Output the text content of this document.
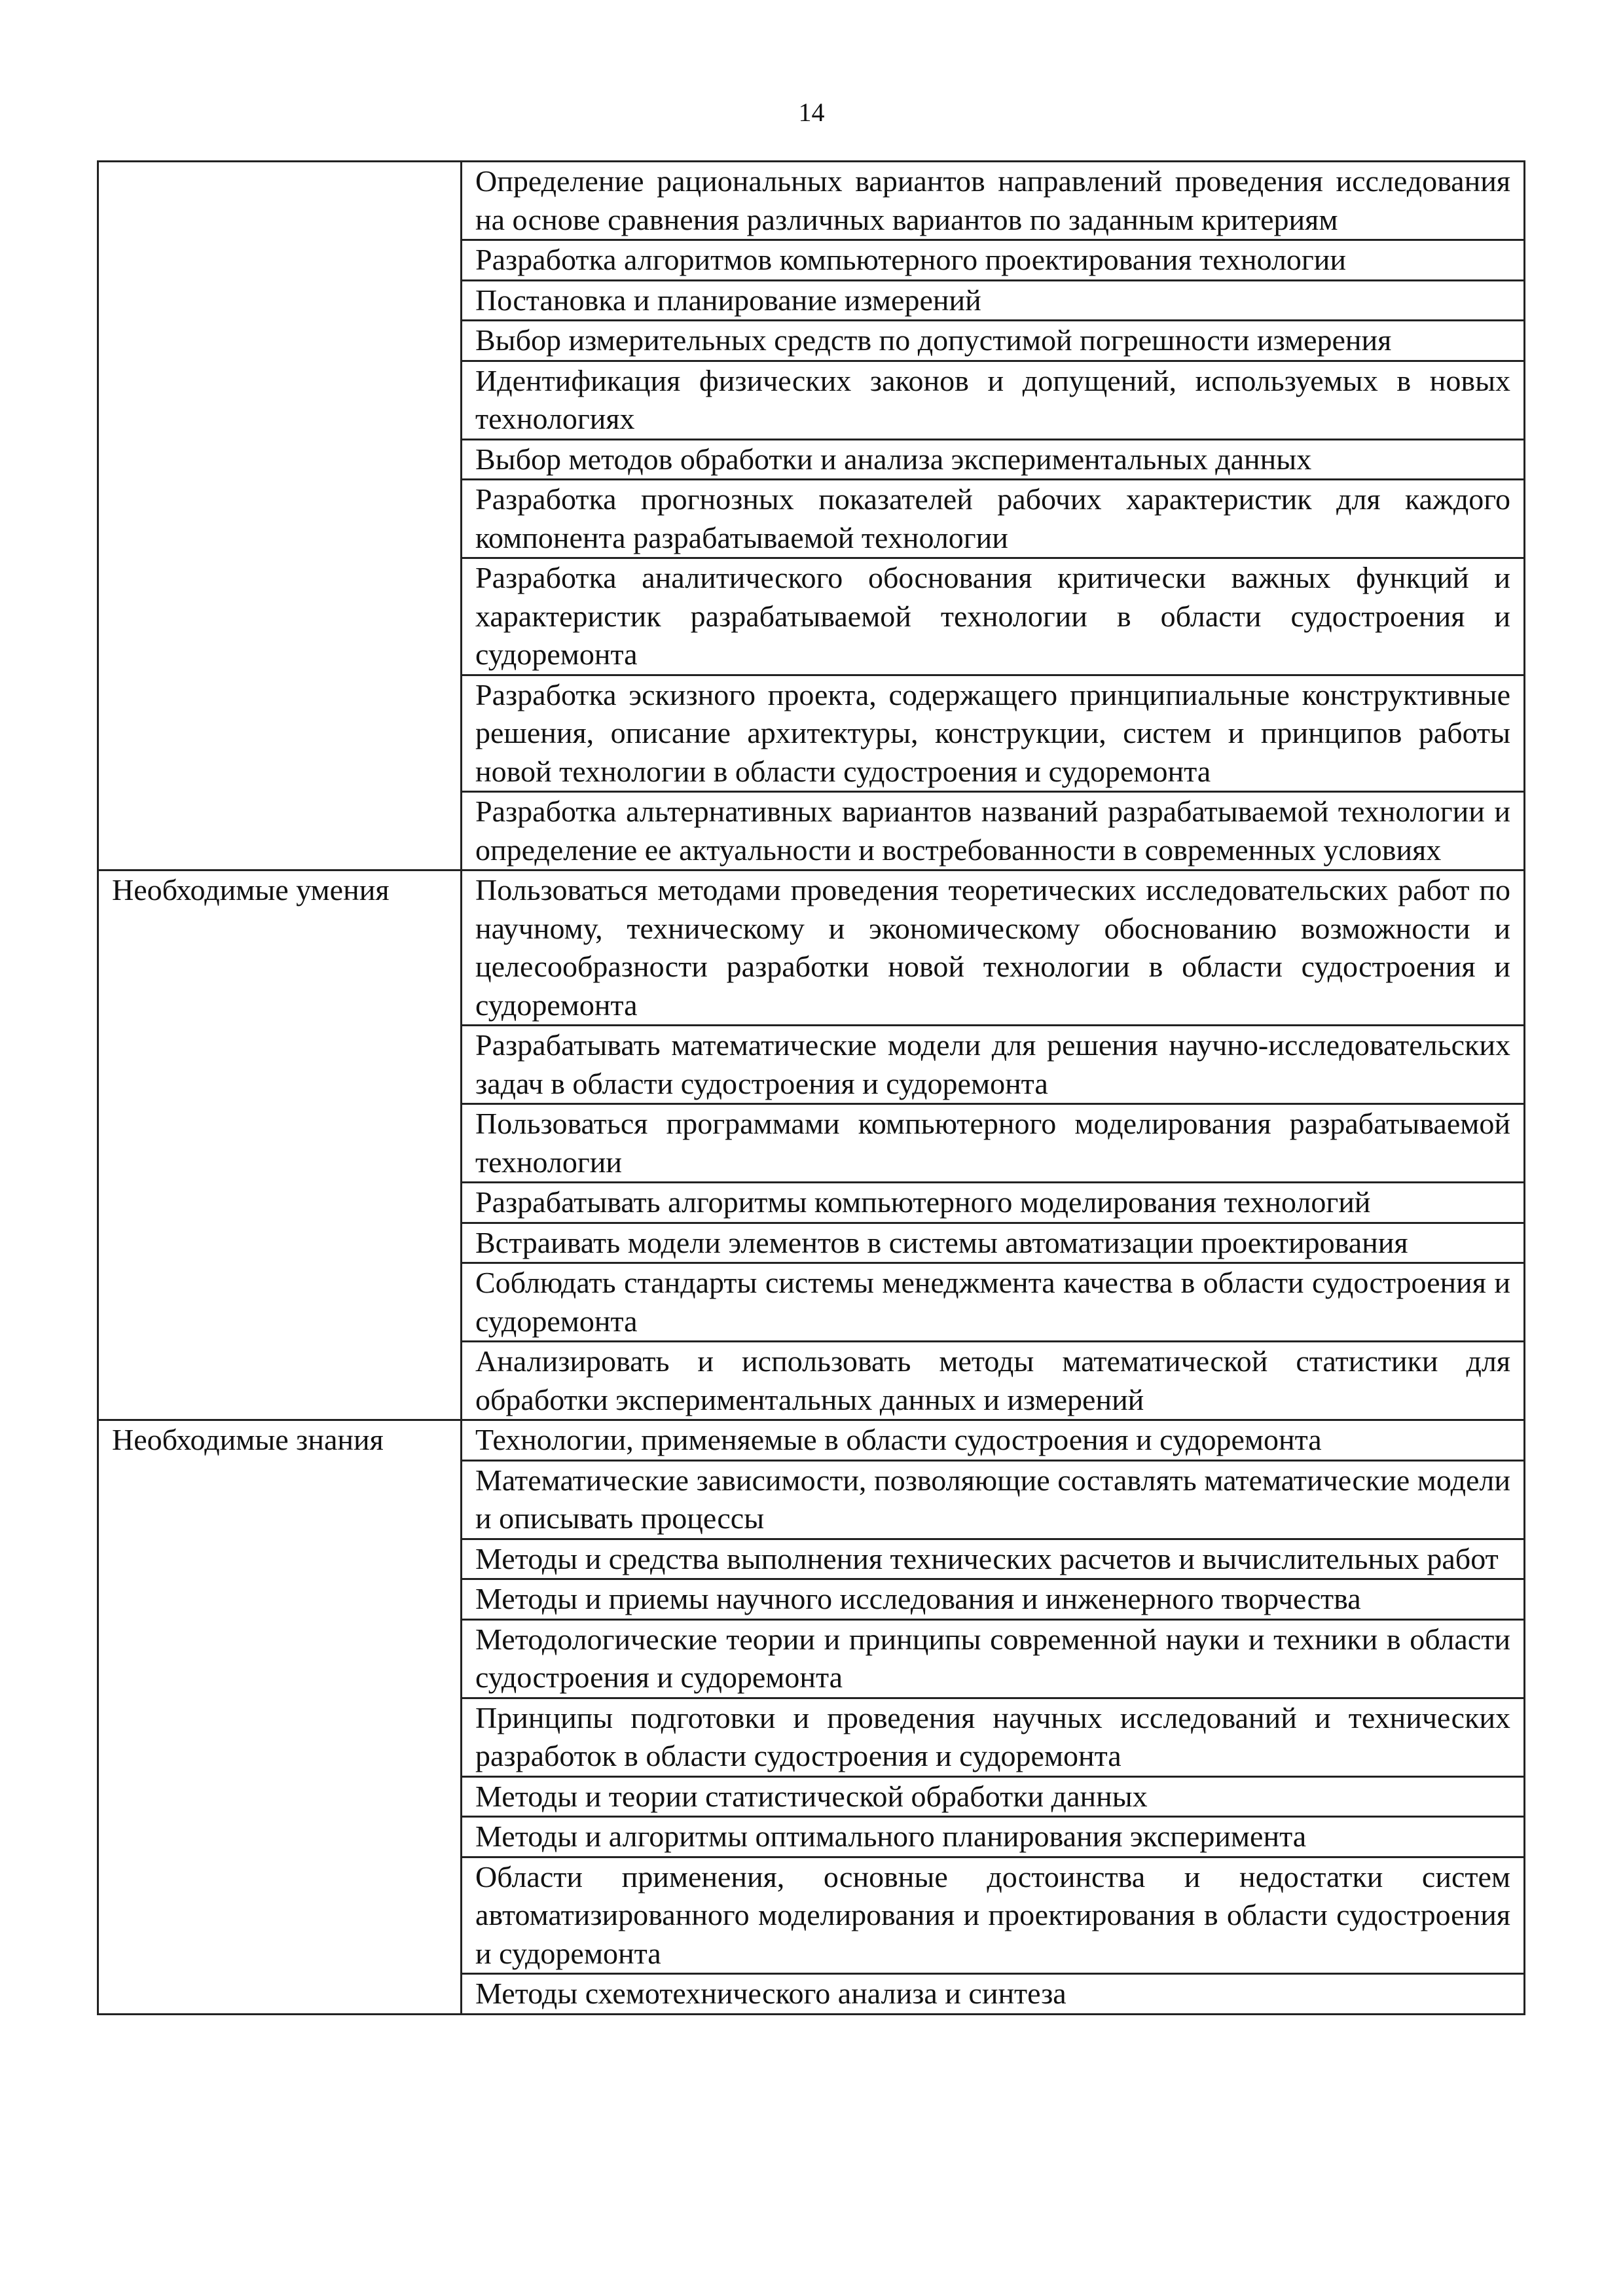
14
	Определение рациональных вариантов направлений проведения исследования на основе сравнения различных вариантов по заданным критериям
	Разработка алгоритмов компьютерного проектирования технологии
	Постановка и планирование измерений
	Выбор измерительных средств по допустимой погрешности измерения
	Идентификация физических законов и допущений, используемых в новых технологиях
	Выбор методов обработки и анализа экспериментальных данных
	Разработка прогнозных показателей рабочих характеристик для каждого компонента разрабатываемой технологии
	Разработка аналитического обоснования критически важных функций и характеристик разрабатываемой технологии в области судостроения и судоремонта
	Разработка эскизного проекта, содержащего принципиальные конструктивные решения, описание архитектуры, конструкции, систем и принципов работы новой технологии в области судостроения и судоремонта
	Разработка альтернативных вариантов названий разрабатываемой технологии и определение ее актуальности и востребованности в современных условиях
Необходимые умения	Пользоваться методами проведения теоретических исследовательских работ по научному, техническому и экономическому обоснованию возможности и целесообразности разработки новой технологии в области судостроения и судоремонта
	Разрабатывать математические модели для решения научно-исследовательских задач в области судостроения и судоремонта
	Пользоваться программами компьютерного моделирования разрабатываемой технологии
	Разрабатывать алгоритмы компьютерного моделирования технологий
	Встраивать модели элементов в системы автоматизации проектирования
	Соблюдать стандарты системы менеджмента качества в области судостроения и судоремонта
	Анализировать и использовать методы математической статистики для обработки экспериментальных данных и измерений
Необходимые знания	Технологии, применяемые в области судостроения и судоремонта
	Математические зависимости, позволяющие составлять математические модели и описывать процессы
	Методы и средства выполнения технических расчетов и вычислительных работ
	Методы и приемы научного исследования и инженерного творчества
	Методологические теории и принципы современной науки и техники в области судостроения и судоремонта
	Принципы подготовки и проведения научных исследований и технических разработок в области судостроения и судоремонта
	Методы и теории статистической обработки данных
	Методы и алгоритмы оптимального планирования эксперимента
	Области применения, основные достоинства и недостатки систем автоматизированного моделирования и проектирования в области судостроения и судоремонта
	Методы схемотехнического анализа и синтеза
